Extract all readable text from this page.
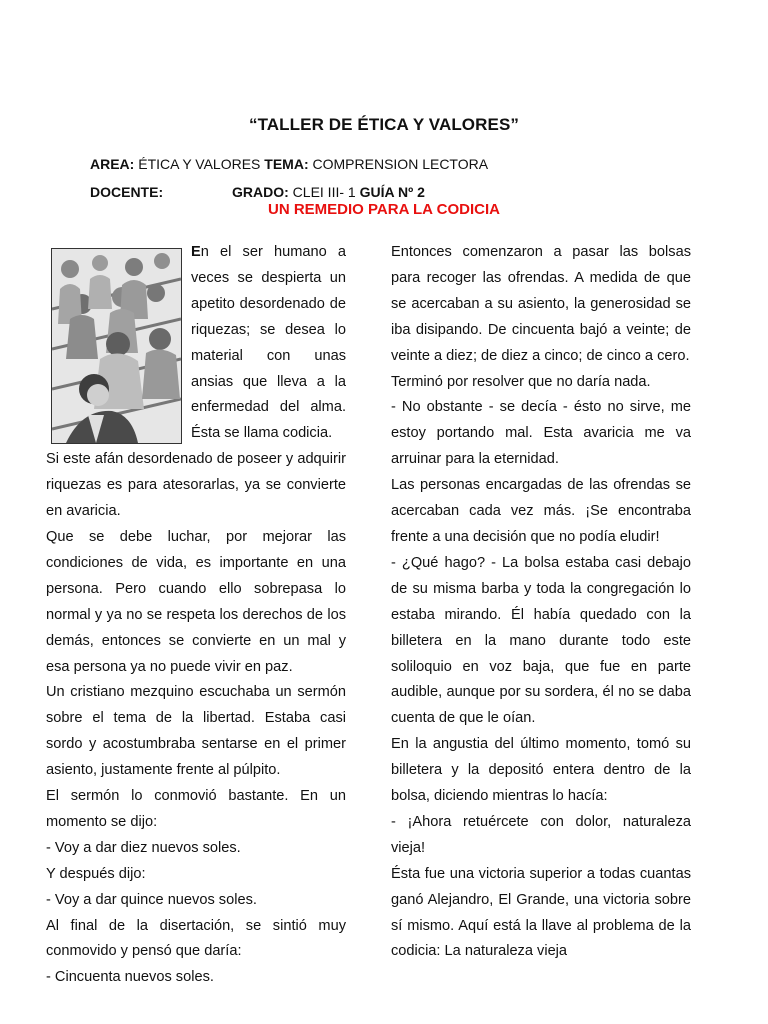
“TALLER DE ÉTICA Y VALORES”
AREA: ÉTICA Y VALORES TEMA: COMPRENSION LECTORA
DOCENTE:	GRADO: CLEI III- 1 GUÍA Nº 2
UN REMEDIO PARA LA CODICIA

En el ser humano a veces se despierta un apetito desordenado de riquezas; se desea lo material con unas ansias que lleva a la enfermedad del alma. Ésta se llama codicia.

Si este afán desordenado de poseer y adquirir riquezas es para atesorarlas, ya se convierte en avaricia.

Que se debe luchar, por mejorar las condiciones de vida, es importante en una persona. Pero cuando ello sobrepasa lo normal y ya no se respeta los derechos de los demás, entonces se convierte en un mal y esa persona ya no puede vivir en paz.

Un cristiano mezquino escuchaba un sermón sobre el tema de la libertad. Estaba casi sordo y acostumbraba sentarse en el primer asiento, justamente frente al púlpito.

El sermón lo conmovió bastante. En un momento se dijo:

- Voy a dar diez nuevos soles.

Y después dijo:

- Voy a dar quince nuevos soles.

Al final de la disertación, se sintió muy conmovido y pensó que daría:

- Cincuenta nuevos soles.

Entonces comenzaron a pasar las bolsas para recoger las ofrendas. A medida de que se acercaban a su asiento, la generosidad se iba disipando. De cincuenta bajó a veinte; de veinte a diez; de diez a cinco; de cinco a cero.

Terminó por resolver que no daría nada.

- No obstante - se decía - ésto no sirve, me estoy portando mal. Esta avaricia me va arruinar para la eternidad.

Las personas encargadas de las ofrendas se acercaban cada vez más. ¡Se encontraba frente a una decisión que no podía eludir!

- ¿Qué hago? - La bolsa estaba casi debajo de su misma barba y toda la congregación lo estaba mirando. Él había quedado con la billetera en la mano durante todo este soliloquio en voz baja, que fue en parte audible, aunque por su sordera, él no se daba cuenta de que le oían.

En la angustia del último momento, tomó su billetera y la depositó entera dentro de la bolsa, diciendo mientras lo hacía:

- ¡Ahora retuércete con dolor, naturaleza vieja!

Ésta fue una victoria superior a todas cuantas ganó Alejandro, El Grande, una victoria sobre sí mismo. Aquí está la llave al problema de la codicia: La naturaleza vieja
